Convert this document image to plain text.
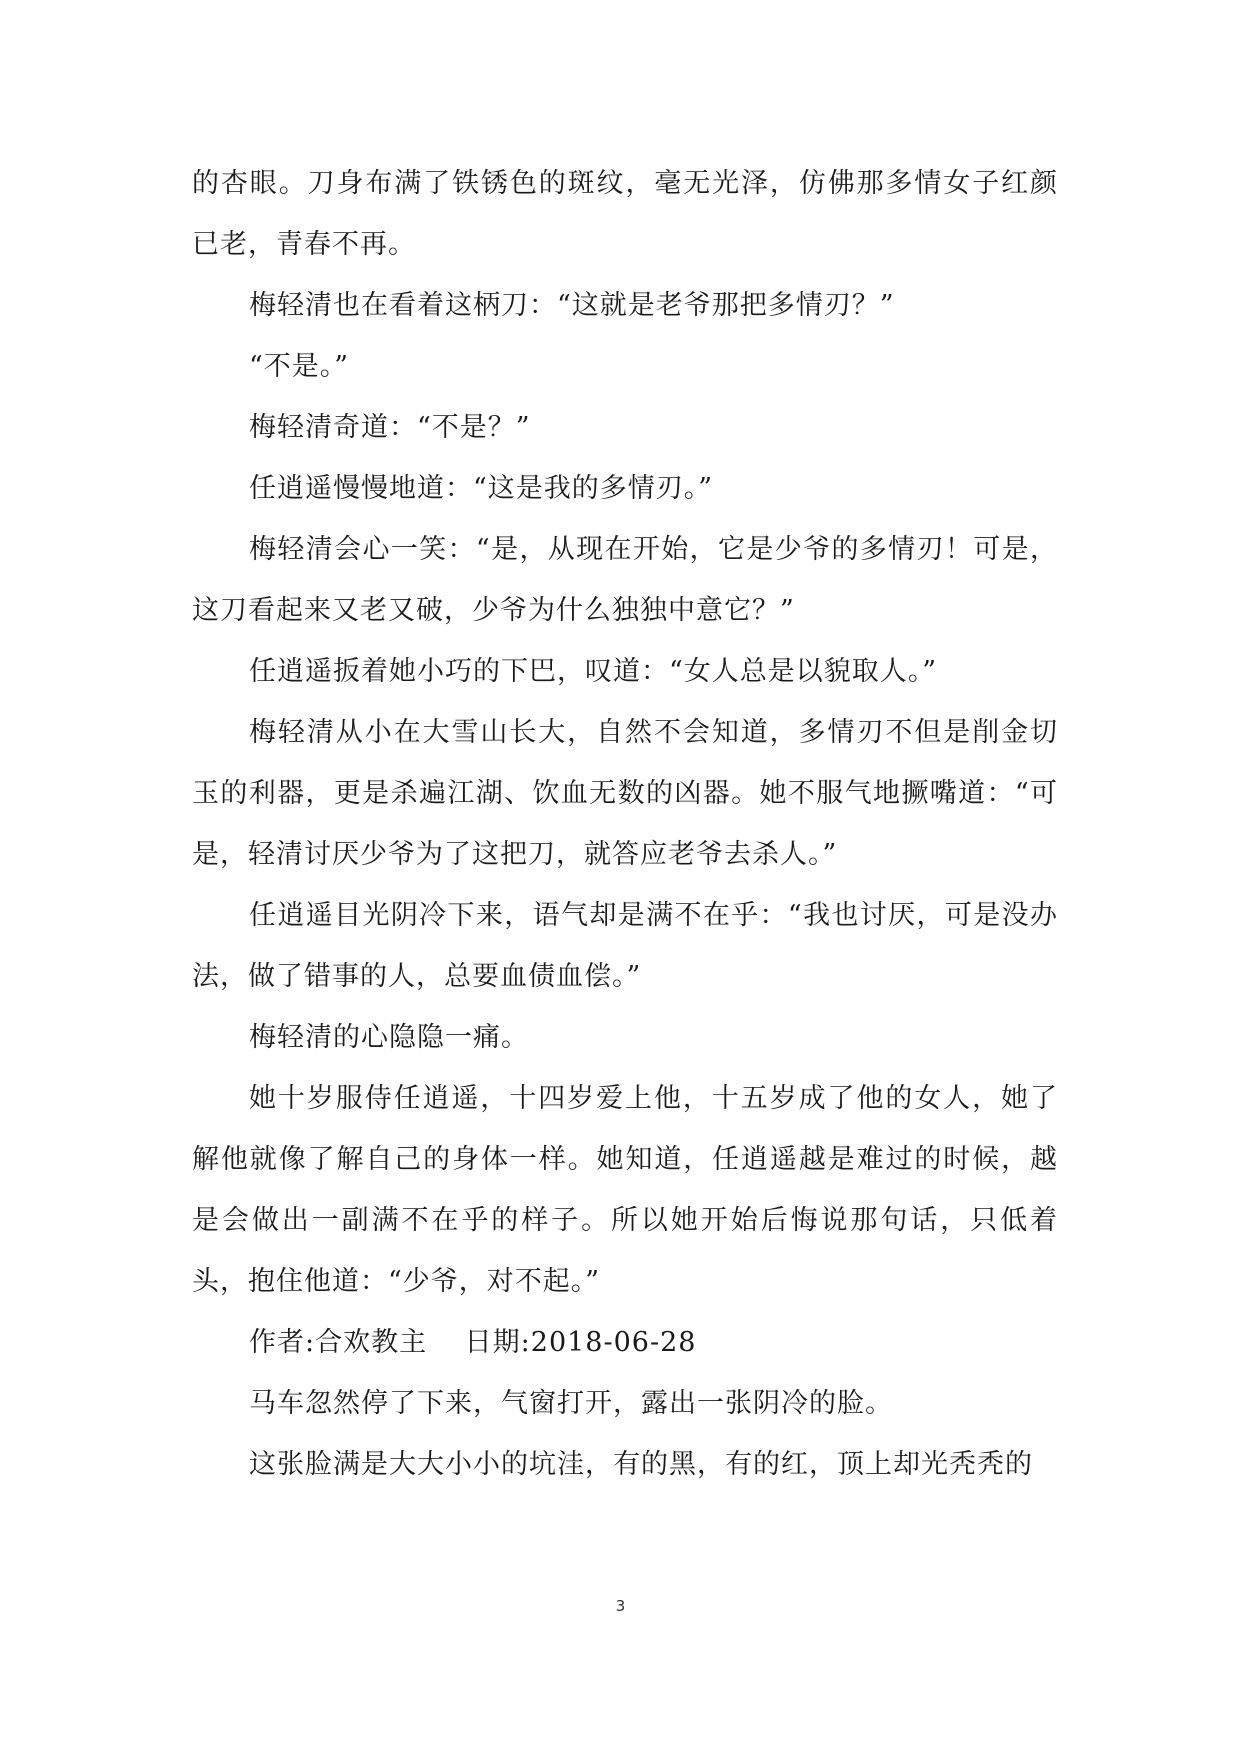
的杏眼。刀身布满了铁锈色的斑纹，毫无光泽，仿佛那多情女子红颜已老，青春不再。

梅轻清也在看着这柄刀：“这就是老爷那把多情刃？”

“不是。”

梅轻清奇道：“不是？”

任逍遥慢慢地道：“这是我的多情刃。”

梅轻清会心一笑：“是，从现在开始，它是少爷的多情刃！可是，这刀看起来又老又破，少爷为什么独独中意它？”

任逍遥扳着她小巧的下巴，叹道：“女人总是以貌取人。”

梅轻清从小在大雪山长大，自然不会知道，多情刃不但是削金切玉的利器，更是杀遍江湖、饮血无数的凶器。她不服气地撅嘴道：“可是，轻清讨厌少爷为了这把刀，就答应老爷去杀人。”

任逍遥目光阴冷下来，语气却是满不在乎：“我也讨厌，可是没办法，做了错事的人，总要血债血偿。”

梅轻清的心隐隐一痛。

她十岁服侍任逍遥，十四岁爱上他，十五岁成了他的女人，她了解他就像了解自己的身体一样。她知道，任逍遥越是难过的时候，越是会做出一副满不在乎的样子。所以她开始后悔说那句话，只低着头，抱住他道：“少爷，对不起。”

作者:合欢教主　 日期:2018-06-28

马车忽然停了下来，气窗打开，露出一张阴冷的脸。

这张脸满是大大小小的坑洼，有的黑，有的红，顶上却光秃秃的

3
